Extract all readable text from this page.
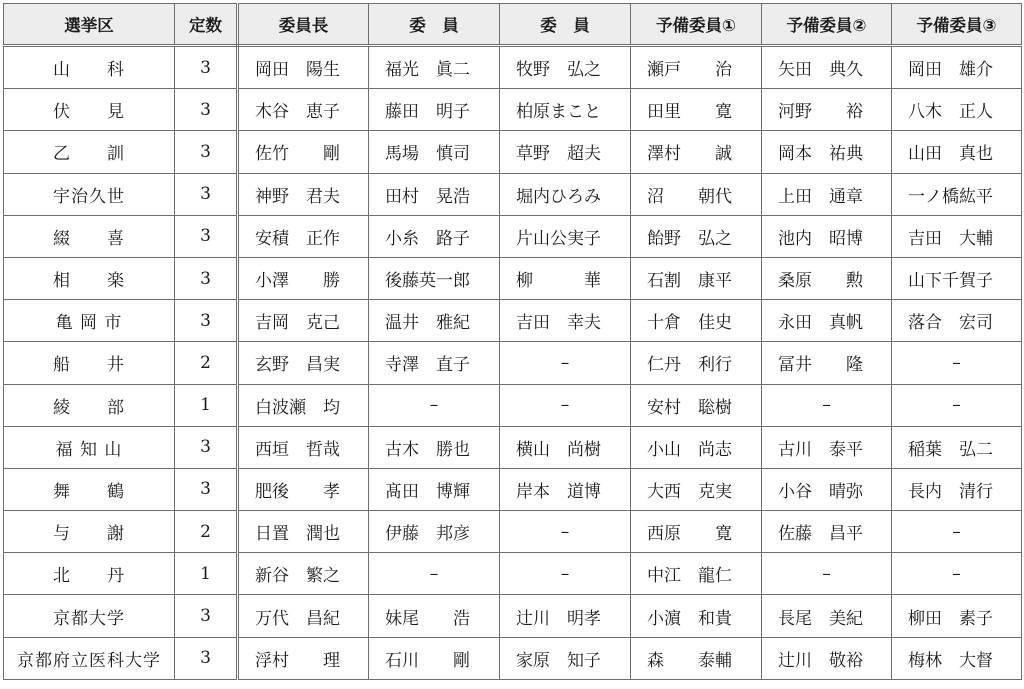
選挙区	定数	委員長	委　員	委　員	予備委員①	予備委員②	予備委員③
山　　科	3	岡田　陽生	福光　眞二	牧野　弘之	瀬戸　　治	矢田　典久	岡田　雄介
伏　　見	3	木谷　恵子	藤田　明子	柏原まこと	田里　　寛	河野　　裕	八木　正人
乙　　訓	3	佐竹　　剛	馬場　慎司	草野　超夫	澤村　　誠	岡本　祐典	山田　真也
宇治久世	3	神野　君夫	田村　晃浩	堀内ひろみ	沼　　朝代	上田　通章	一ノ橋紘平
綴　　喜	3	安積　正作	小糸　路子	片山公実子	飴野　弘之	池内　昭博	吉田　大輔
相　　楽	3	小澤　　勝	後藤英一郎	柳　　　華	石割　康平	桑原　　勲	山下千賀子
亀 岡 市	3	吉岡　克己	温井　雅紀	吉田　幸夫	十倉　佳史	永田　真帆	落合　宏司
船　　井	2	玄野　昌実	寺澤　直子	–	仁丹　利行	冨井　　隆	–
綾　　部	1	白波瀬　均	–	–	安村　聡樹	–	–
福 知 山	3	西垣　哲哉	古木　勝也	横山　尚樹	小山　尚志	古川　泰平	稲葉　弘二
舞　　鶴	3	肥後　　孝	髙田　博輝	岸本　道博	大西　克実	小谷　晴弥	長内　清行
与　　謝	2	日置　潤也	伊藤　邦彦	–	西原　　寛	佐藤　昌平	–
北　　丹	1	新谷　繁之	–	–	中江　龍仁	–	–
京都大学	3	万代　昌紀	妹尾　　浩	辻川　明孝	小濵　和貴	長尾　美紀	柳田　素子
京都府立医科大学	3	浮村　　理	石川　　剛	家原　知子	森　　泰輔	辻川　敬裕	梅林　大督
